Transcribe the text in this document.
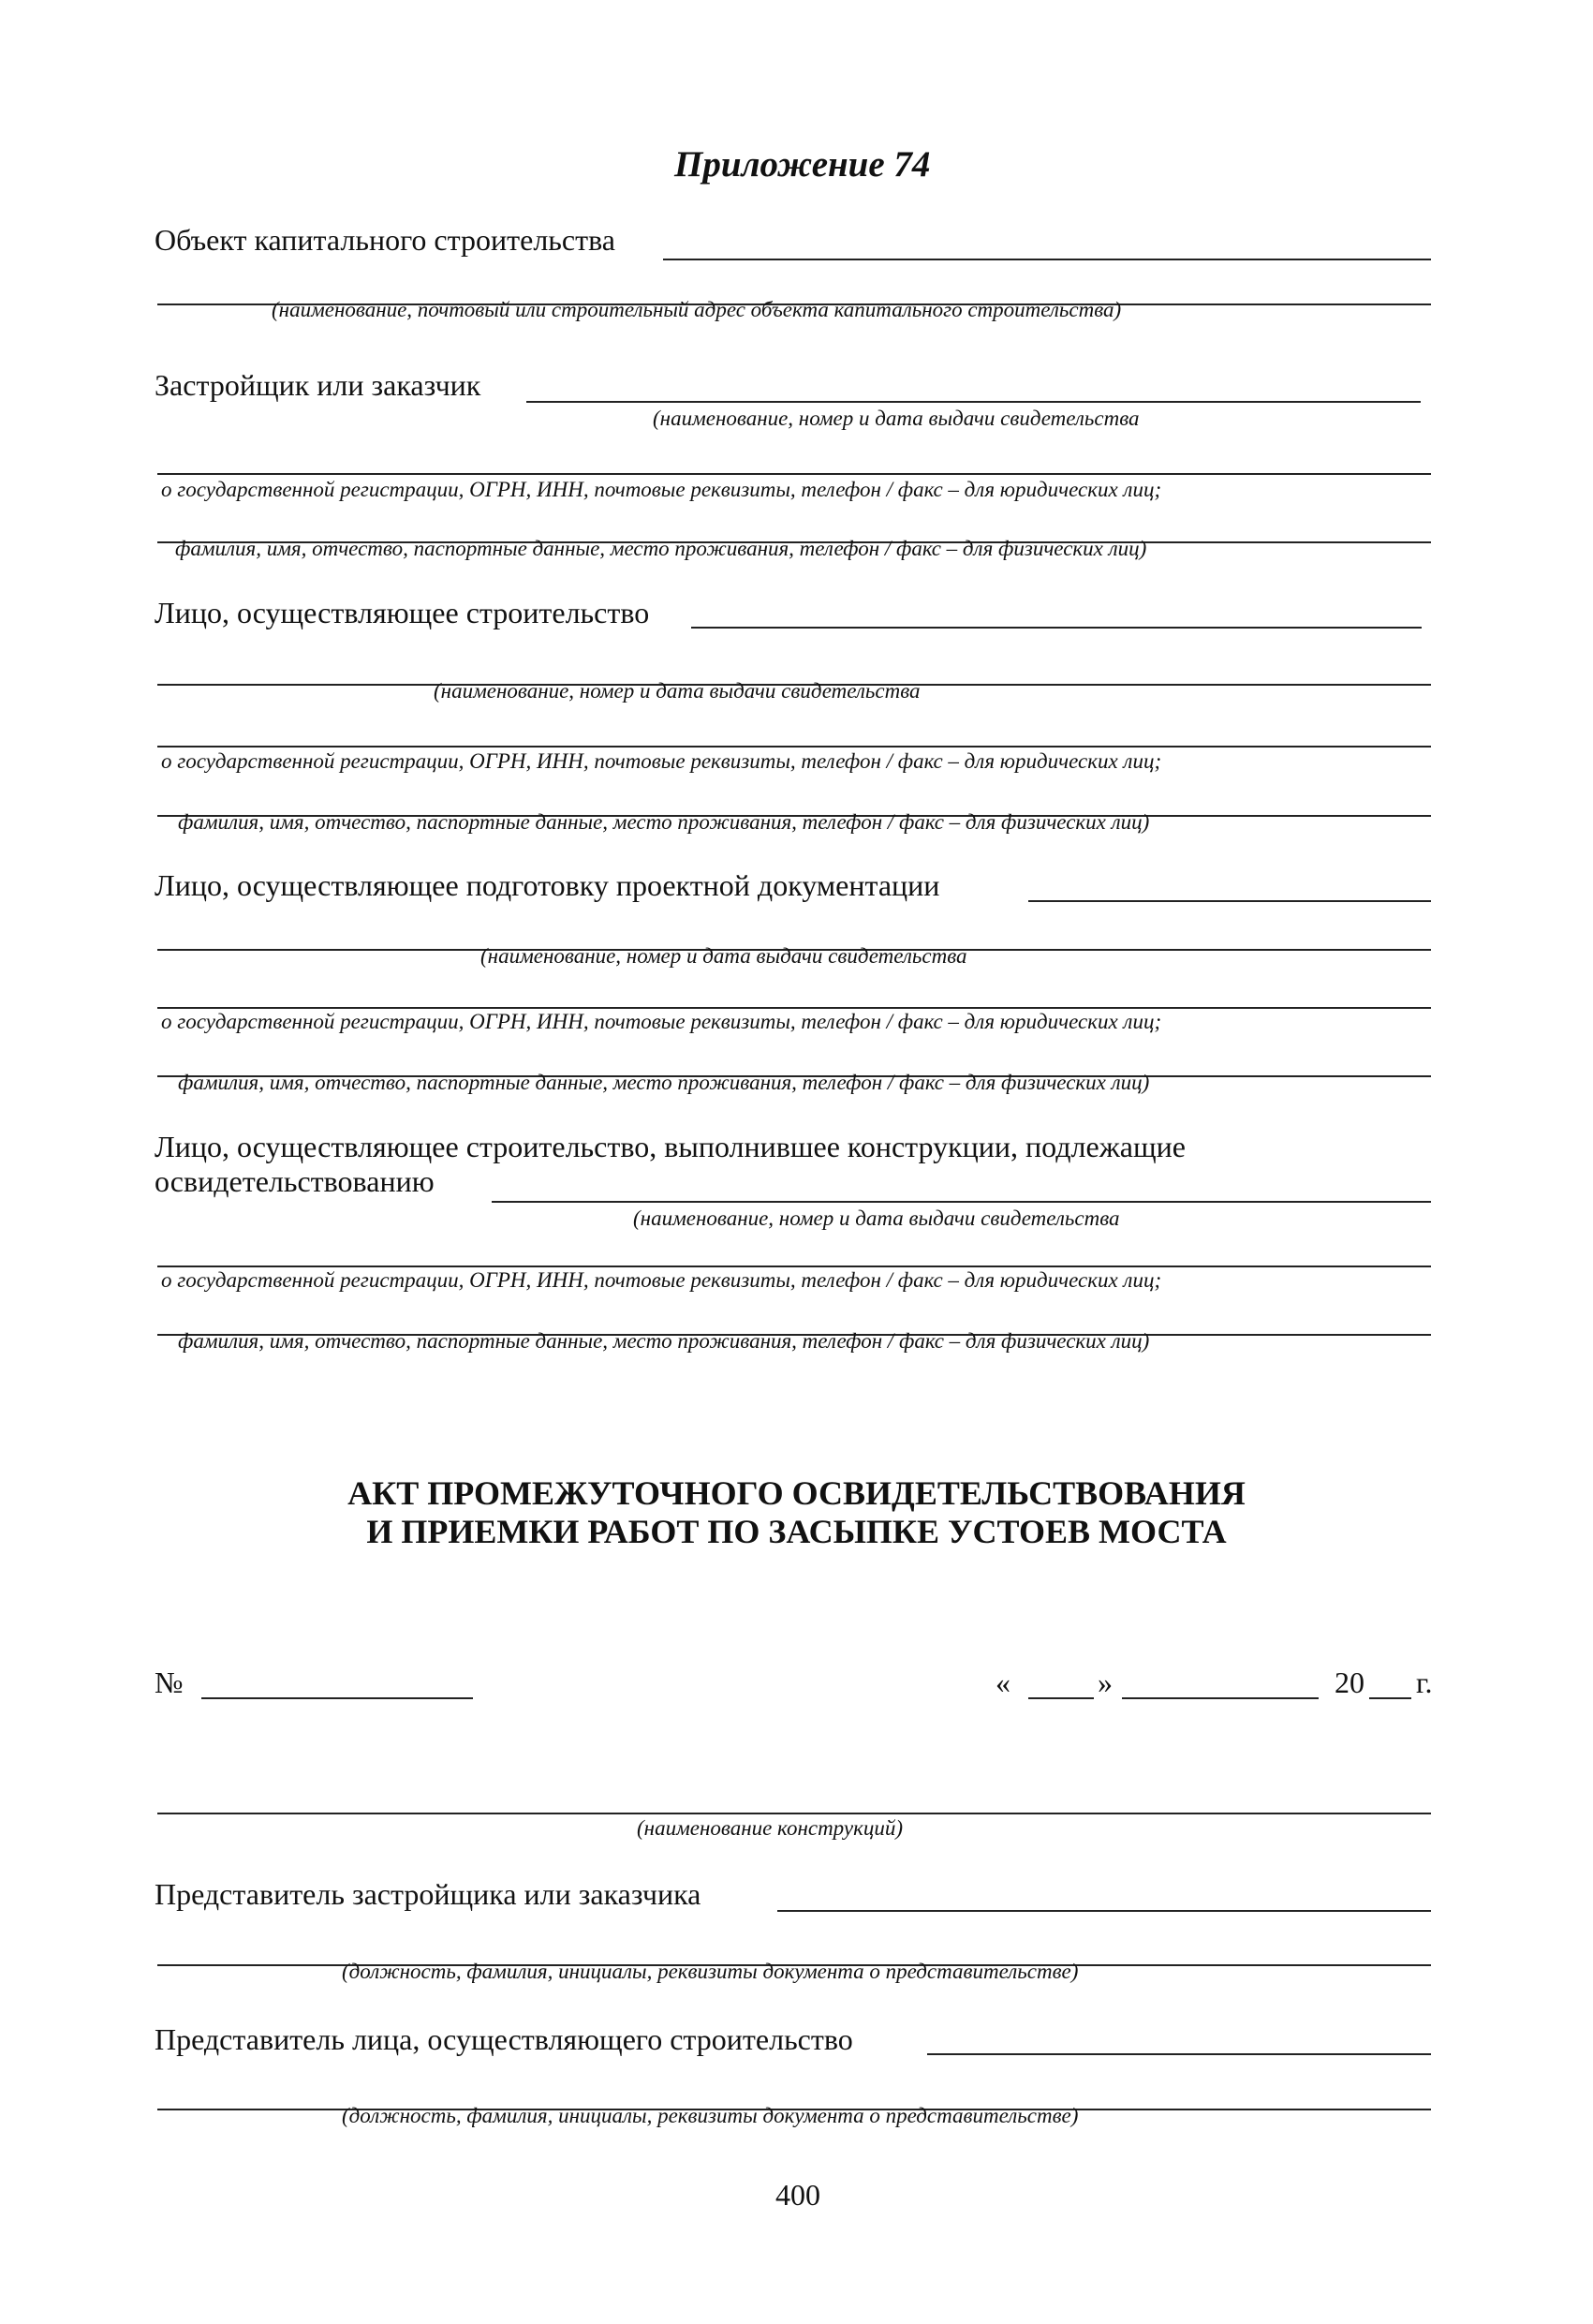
Приложение 74
Объект капитального строительства
(наименование, почтовый или строительный адрес объекта капитального строительства)
Застройщик или заказчик
(наименование, номер и дата выдачи свидетельства
о государственной регистрации, ОГРН, ИНН, почтовые реквизиты, телефон / факс – для юридических лиц;
фамилия, имя, отчество, паспортные данные, место проживания, телефон / факс – для физических лиц)
Лицо, осуществляющее строительство
(наименование, номер и дата выдачи свидетельства
о государственной регистрации, ОГРН, ИНН, почтовые реквизиты, телефон / факс – для юридических лиц;
фамилия, имя, отчество, паспортные данные, место проживания, телефон / факс – для физических лиц)
Лицо, осуществляющее подготовку проектной документации
(наименование, номер и дата выдачи свидетельства
о государственной регистрации, ОГРН, ИНН, почтовые реквизиты, телефон / факс – для юридических лиц;
фамилия, имя, отчество, паспортные данные, место проживания, телефон / факс – для физических лиц)
Лицо, осуществляющее строительство, выполнившее конструкции, подлежащие
освидетельствованию
(наименование, номер и дата выдачи свидетельства
о государственной регистрации, ОГРН, ИНН, почтовые реквизиты, телефон / факс – для юридических лиц;
фамилия, имя, отчество, паспортные данные, место проживания, телефон / факс – для физических лиц)
АКТ ПРОМЕЖУТОЧНОГО ОСВИДЕТЕЛЬСТВОВАНИЯ
И ПРИЕМКИ РАБОТ ПО ЗАСЫПКЕ УСТОЕВ МОСТА
№	«	»	20 г.
(наименование конструкций)
Представитель застройщика или заказчика
(должность, фамилия, инициалы, реквизиты документа о представительстве)
Представитель лица, осуществляющего строительство
(должность, фамилия, инициалы, реквизиты документа о представительстве)
400
